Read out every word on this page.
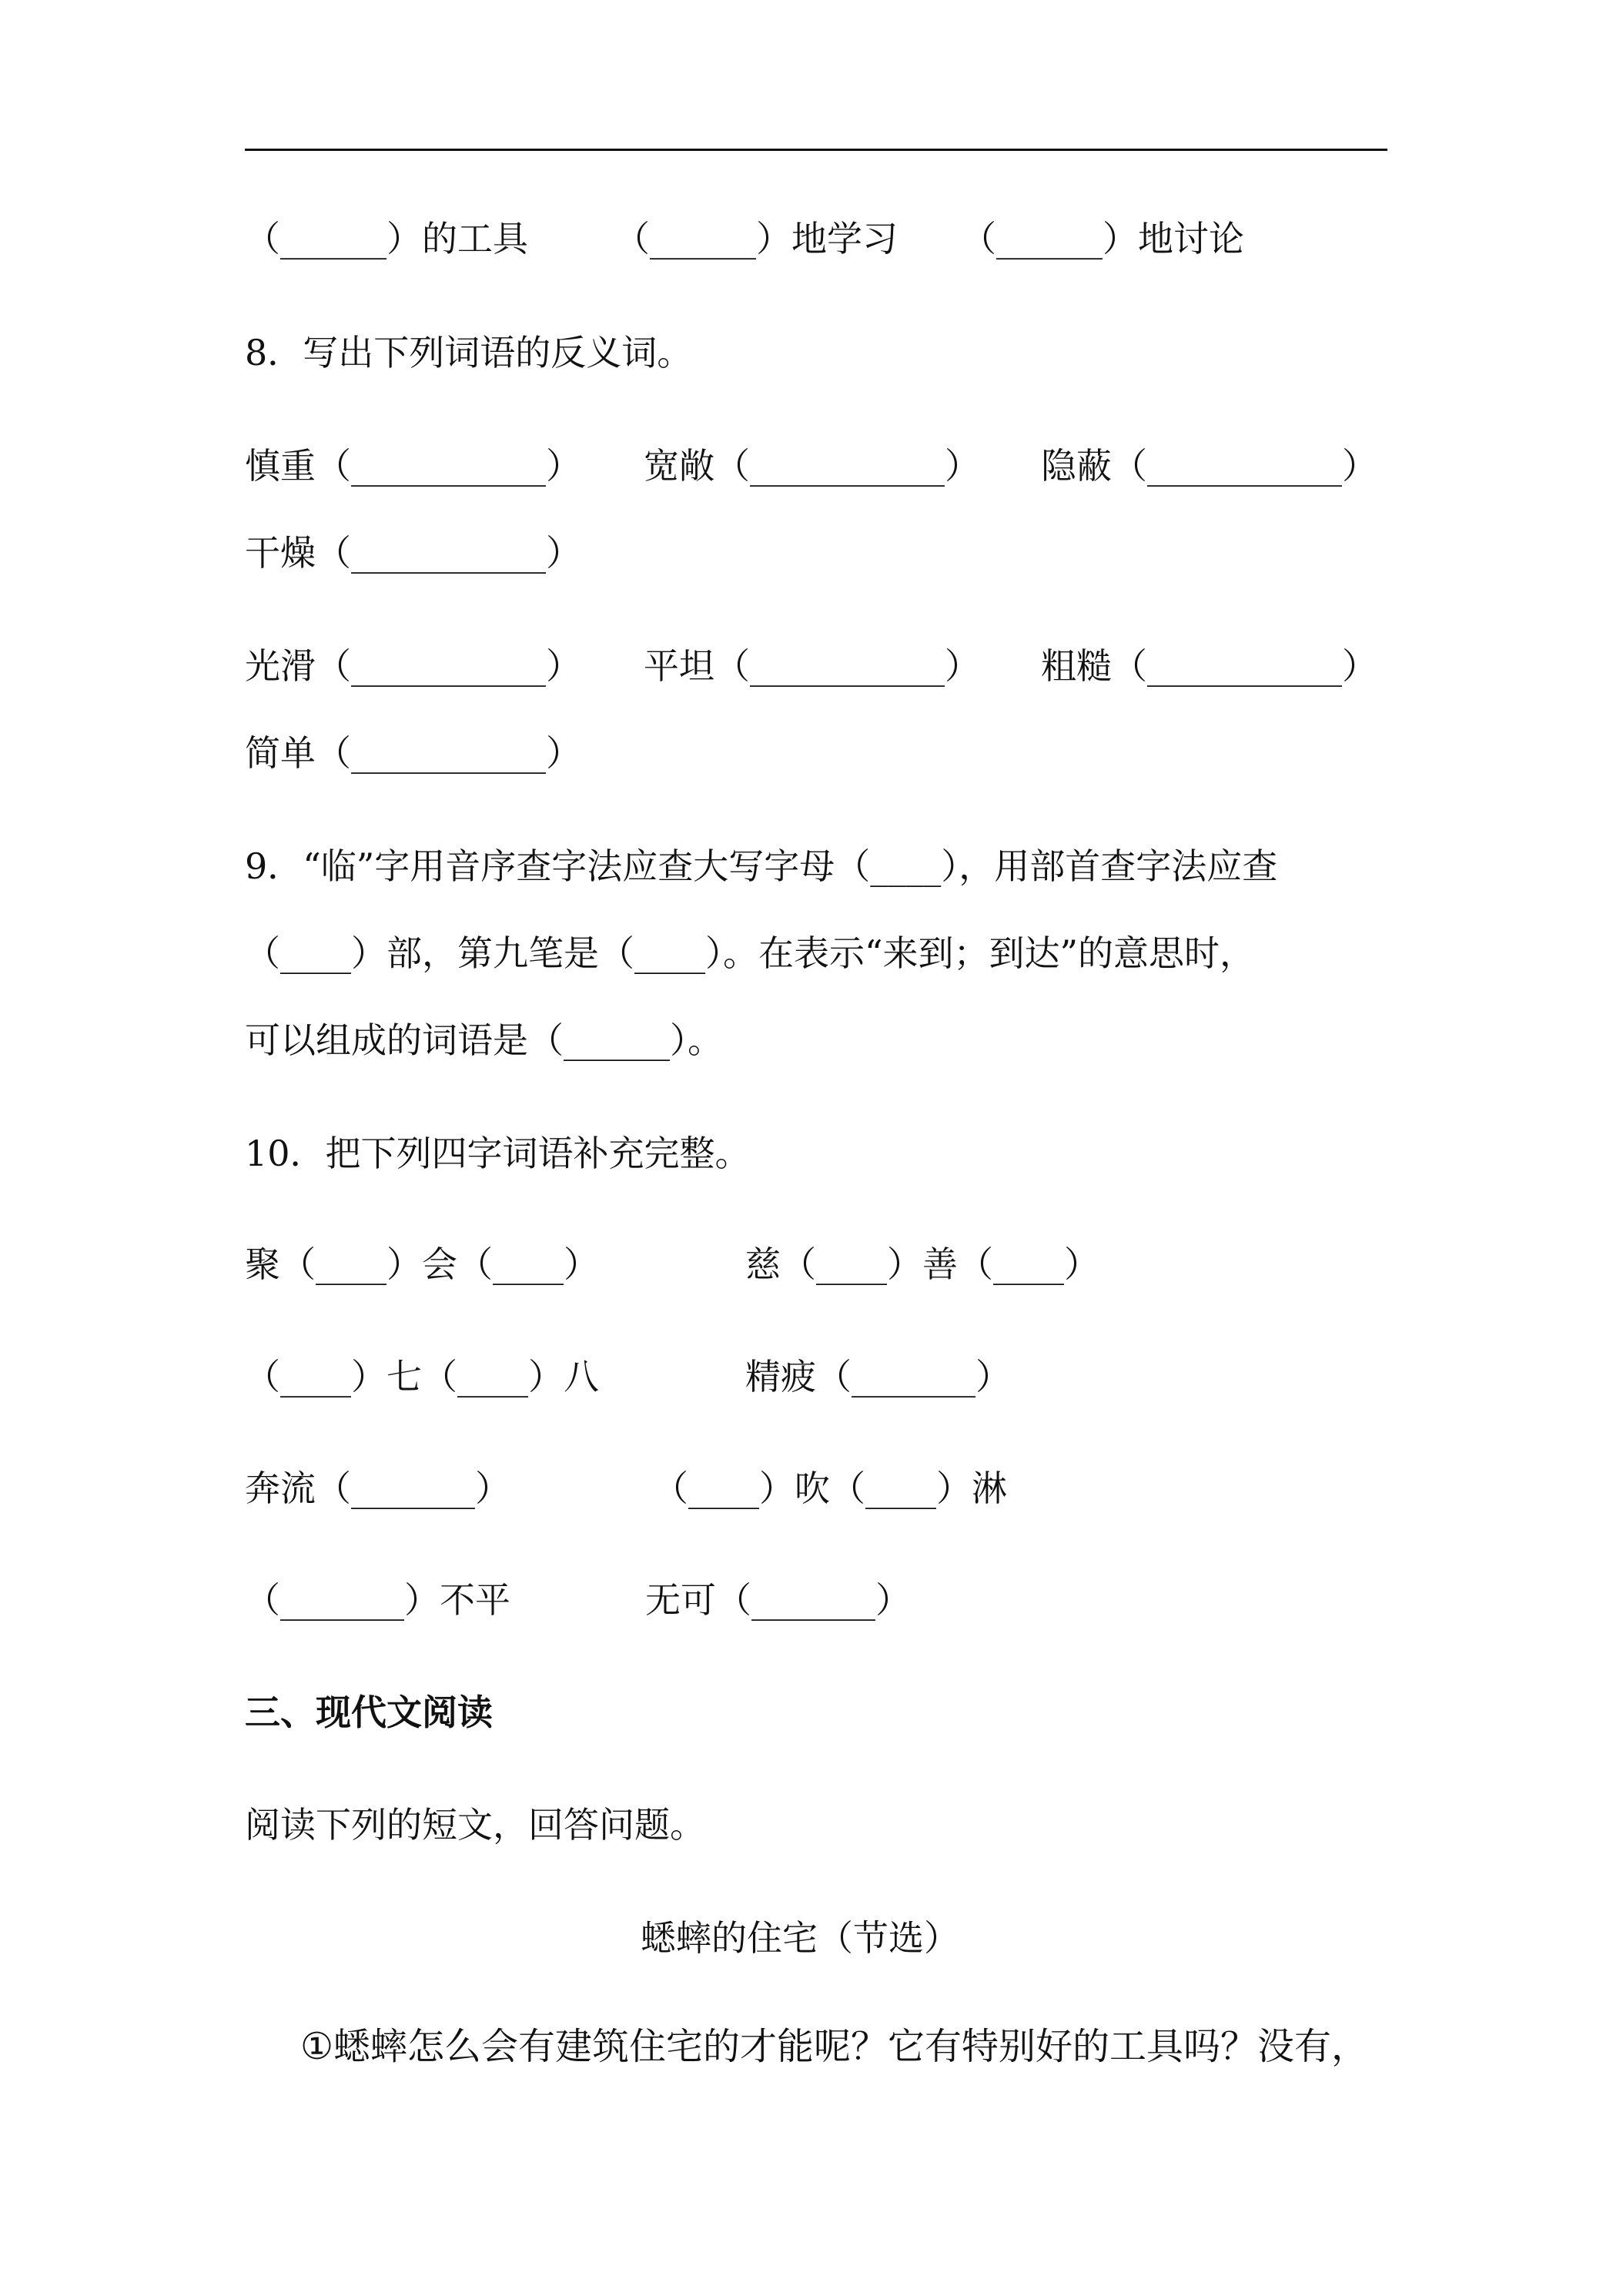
（______）的工具 （______）地学习 （______）地讨论
8．写出下列词语的反义词。
慎重（___________） 宽敞（___________） 隐蔽（___________）
干燥（___________）
光滑（___________） 平坦（___________） 粗糙（___________）
简单（___________）
9．“临”字用音序查字法应查大写字母（____），用部首查字法应查
（____）部，第九笔是（____）。在表示“来到；到达”的意思时，
可以组成的词语是（______）。
10．把下列四字词语补充完整。
聚（____）会（____）	慈（____）善（____）
（____）七（____）八	精疲（_______）
奔流（_______）	（____）吹（____）淋
（_______）不平	无可（_______）
三、现代文阅读
阅读下列的短文，回答问题。
蟋蟀的住宅（节选）
①蟋蟀怎么会有建筑住宅的才能呢？它有特别好的工具吗？没有，
